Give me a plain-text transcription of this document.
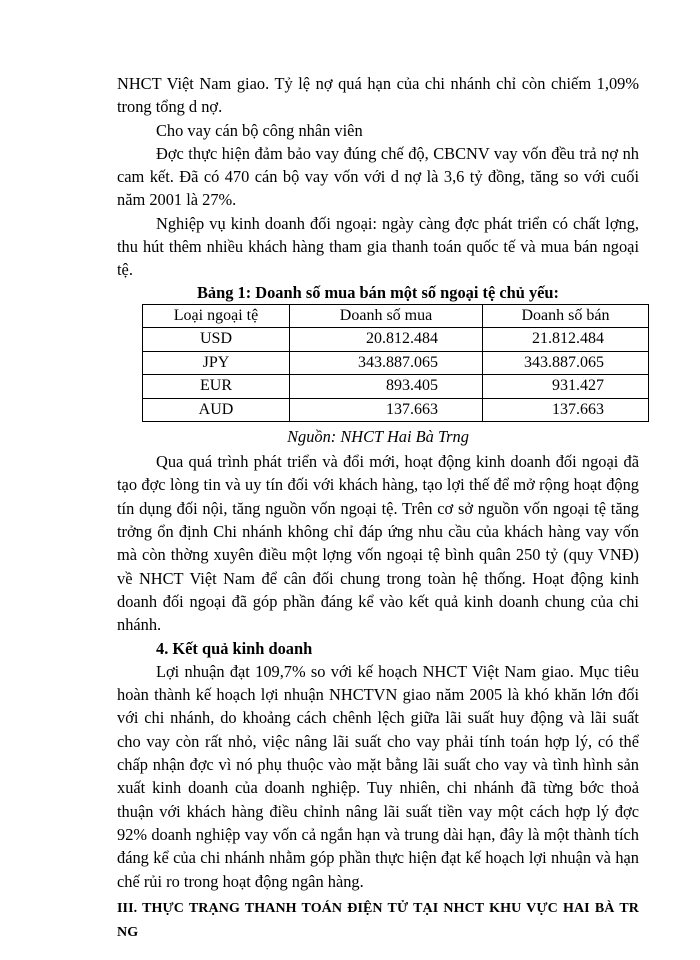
NHCT Việt Nam giao. Tỷ lệ nợ quá hạn của chi nhánh chỉ còn chiếm 1,09% trong tổng d nợ.

Cho vay cán bộ công nhân viên

Đợc thực hiện đảm bảo vay đúng chế độ, CBCNV vay vốn đều trả nợ nh cam kết. Đã có 470 cán bộ vay vốn với d nợ là 3,6 tỷ đồng, tăng so với cuối năm 2001 là 27%.

Nghiệp vụ kinh doanh đối ngoại: ngày càng đợc phát triển có chất lợng, thu hút thêm nhiều khách hàng tham gia thanh toán quốc tế và mua bán ngoại tệ.

Bảng 1: Doanh số mua bán một số ngoại tệ chủ yếu:

Loại ngoại tệ	Doanh số mua	Doanh số bán
USD	20.812.484	21.812.484
JPY	343.887.065	343.887.065
EUR	893.405	931.427
AUD	137.663	137.663

Nguồn: NHCT Hai Bà Trng

Qua quá trình phát triển và đổi mới, hoạt động kinh doanh đối ngoại đã tạo đợc lòng tin và uy tín đối với khách hàng, tạo lợi thế để mở rộng hoạt động tín dụng đối nội, tăng nguồn vốn ngoại tệ. Trên cơ sở nguồn vốn ngoại tệ tăng trởng ổn định Chi nhánh không chỉ đáp ứng nhu cầu của khách hàng vay vốn mà còn thờng xuyên điều một lợng vốn ngoại tệ bình quân 250 tỷ (quy VNĐ) về NHCT Việt Nam để cân đối chung trong toàn hệ thống. Hoạt động kinh doanh đối ngoại đã góp phần đáng kể vào kết quả kinh doanh chung của chi nhánh.

4. Kết quả kinh doanh

Lợi nhuận đạt 109,7% so với kế hoạch NHCT Việt Nam giao. Mục tiêu hoàn thành kế hoạch lợi nhuận NHCTVN giao năm 2005 là khó khăn lớn đối với chi nhánh, do khoảng cách chênh lệch giữa lãi suất huy động và lãi suất cho vay còn rất nhỏ, việc nâng lãi suất cho vay phải tính toán hợp lý, có thể chấp nhận đợc vì nó phụ thuộc vào mặt bằng lãi suất cho vay và tình hình sản xuất kinh doanh của doanh nghiệp. Tuy nhiên, chi nhánh đã từng bớc thoả thuận với khách hàng điều chỉnh nâng lãi suất tiền vay một cách hợp lý đợc 92% doanh nghiệp vay vốn cả ngắn hạn và trung dài hạn, đây là một thành tích đáng kể của chi nhánh nhằm góp phần thực hiện đạt kế hoạch lợi nhuận và hạn chế rủi ro trong hoạt động ngân hàng.

III. THỰC TRẠNG THANH TOÁN ĐIỆN TỬ TẠI NHCT KHU VỰC HAI BÀ TR NG
